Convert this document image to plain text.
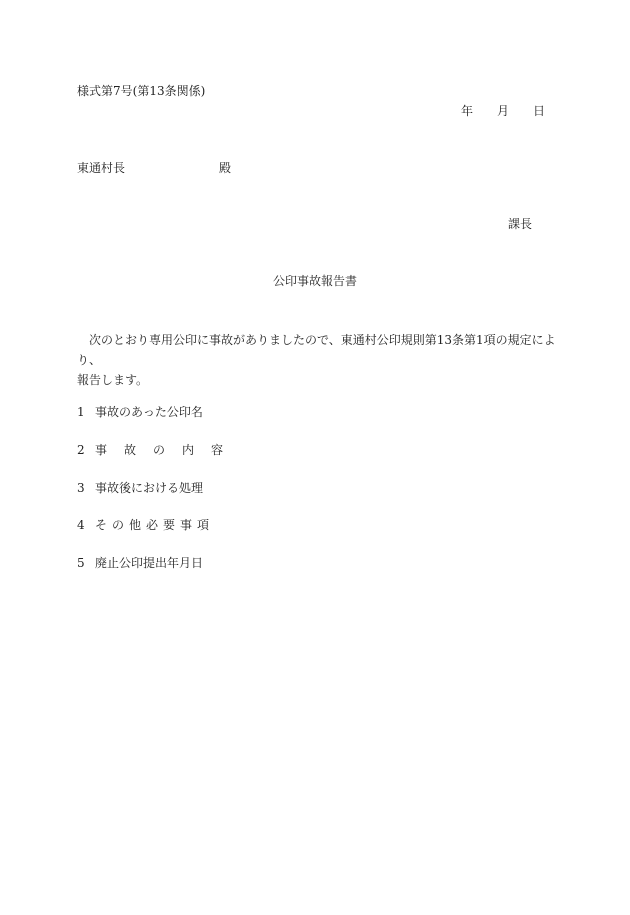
様式第7号(第13条関係)
年 月 日
東通村長	殿
課長
公印事故報告書
次のとおり専用公印に事故がありましたので、東通村公印規則第13条第1項の規定により、
報告します。
1 事故のあった公印名
2 事故の内容
3 事故後における処理
4 その他必要事項
5 廃止公印提出年月日
